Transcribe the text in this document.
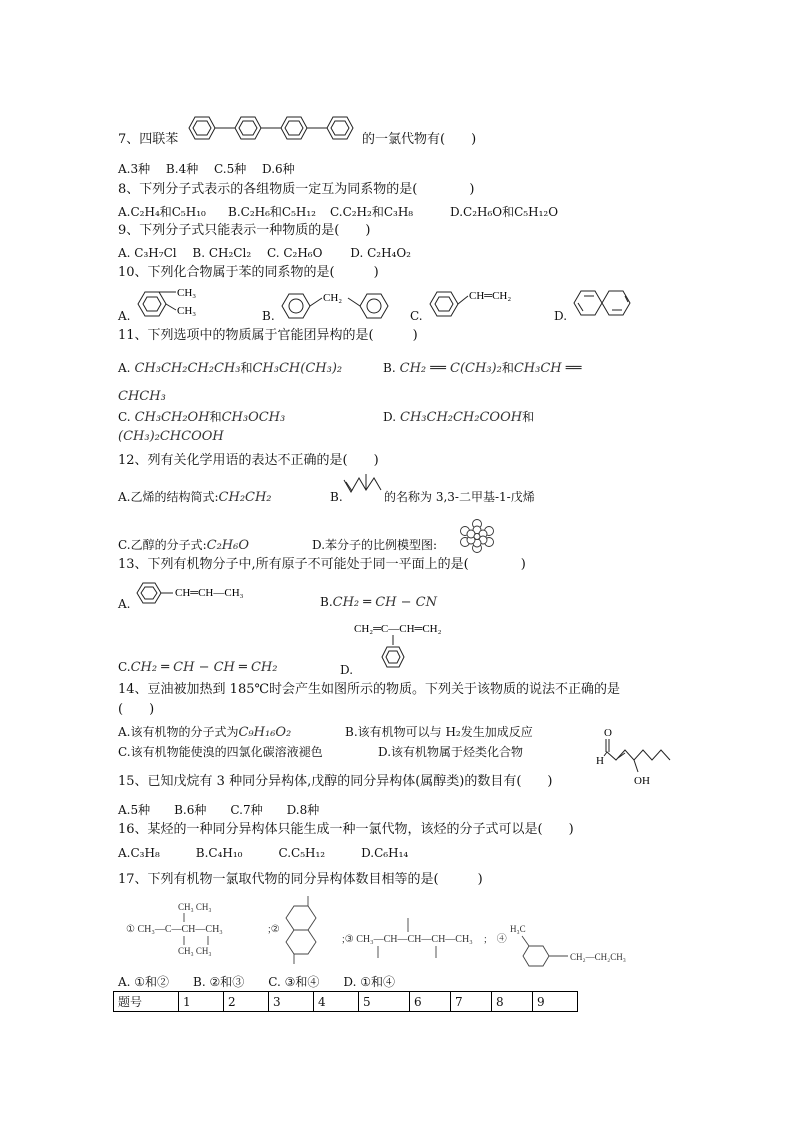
7、四联苯	的一氯代物有(　　)
A.3种　 B.4种　 C.5种　 D.6种
8、下列分子式表示的各组物质一定互为同系物的是(　　　　)
A.C₂H₄和C₅H₁₀ B.C₂H₆和C₅H₁₂ C.C₂H₂和C₃H₈	D.C₂H₆O和C₅H₁₂O
9、下列分子式只能表示一种物质的是(　　)
A. C₃H₇Cl　 B. CH₂Cl₂　 C. C₂H₆O　　 D. C₂H₄O₂
10、下列化合物属于苯的同系物的是(　　　)
A.
CH₃
CH₃	B.
CH₂
C.
CH═CH₂
D.
11、下列选项中的物质属于官能团异构的是(　　　)
A. CH₃CH₂CH₂CH₃和CH₃CH(CH₃)₂	B. CH₂ ══ C(CH₃)₂和CH₃CH ══
CHCH₃
C. CH₃CH₂OH和CH₃OCH₃	D. CH₃CH₂CH₂COOH和
(CH₃)₂CHCOOH
12、列有关化学用语的表达不正确的是(　　)
A.乙烯的结构简式:CH₂CH₂	B.	的名称为 3,3-二甲基-1-戊烯
C.乙醇的分子式:C₂H₆O	D.苯分子的比例模型图:
13、下列有机物分子中,所有原子不可能处于同一平面上的是(　　　　)
A.
CH═CH—CH₃
B.CH₂ ═ CH − CN
C.CH₂ ═ CH − CH ═ CH₂	D.
CH₂═C—CH═CH₂
14、豆油被加热到 185℃时会产生如图所示的物质。下列关于该物质的说法不正确的是
(　　)
A.该有机物的分子式为C₉H₁₆O₂	B.该有机物可以与 H₂发生加成反应
C.该有机物能使溴的四氯化碳溶液褪色	D.该有机物属于烃类化合物
O
H
OH
15、已知戊烷有 3 种同分异构体,戊醇的同分异构体(属醇类)的数目有(　　)
A.5种　　B.6种　　C.7种　　D.8种
16、某烃的一种同分异构体只能生成一种一氯代物，该烃的分子式可以是(　　)
A.C₃H₈　　　B.C₄H₁₀　　　C.C₅H₁₂　　　D.C₆H₁₄
17、下列有机物一氯取代物的同分异构体数目相等的是(　　　)
CH₃ CH₃
① CH₃—C—CH—CH₃
CH₃ CH₃
;②
;③ CH₃—CH—CH—CH—CH₃ ;　④
H₃C
CH₂—CH₂CH₃
A. ①和②　　B. ②和③　　C. ③和④　　D. ①和④
题号	1	2	3	4	5	6	7	8	9
